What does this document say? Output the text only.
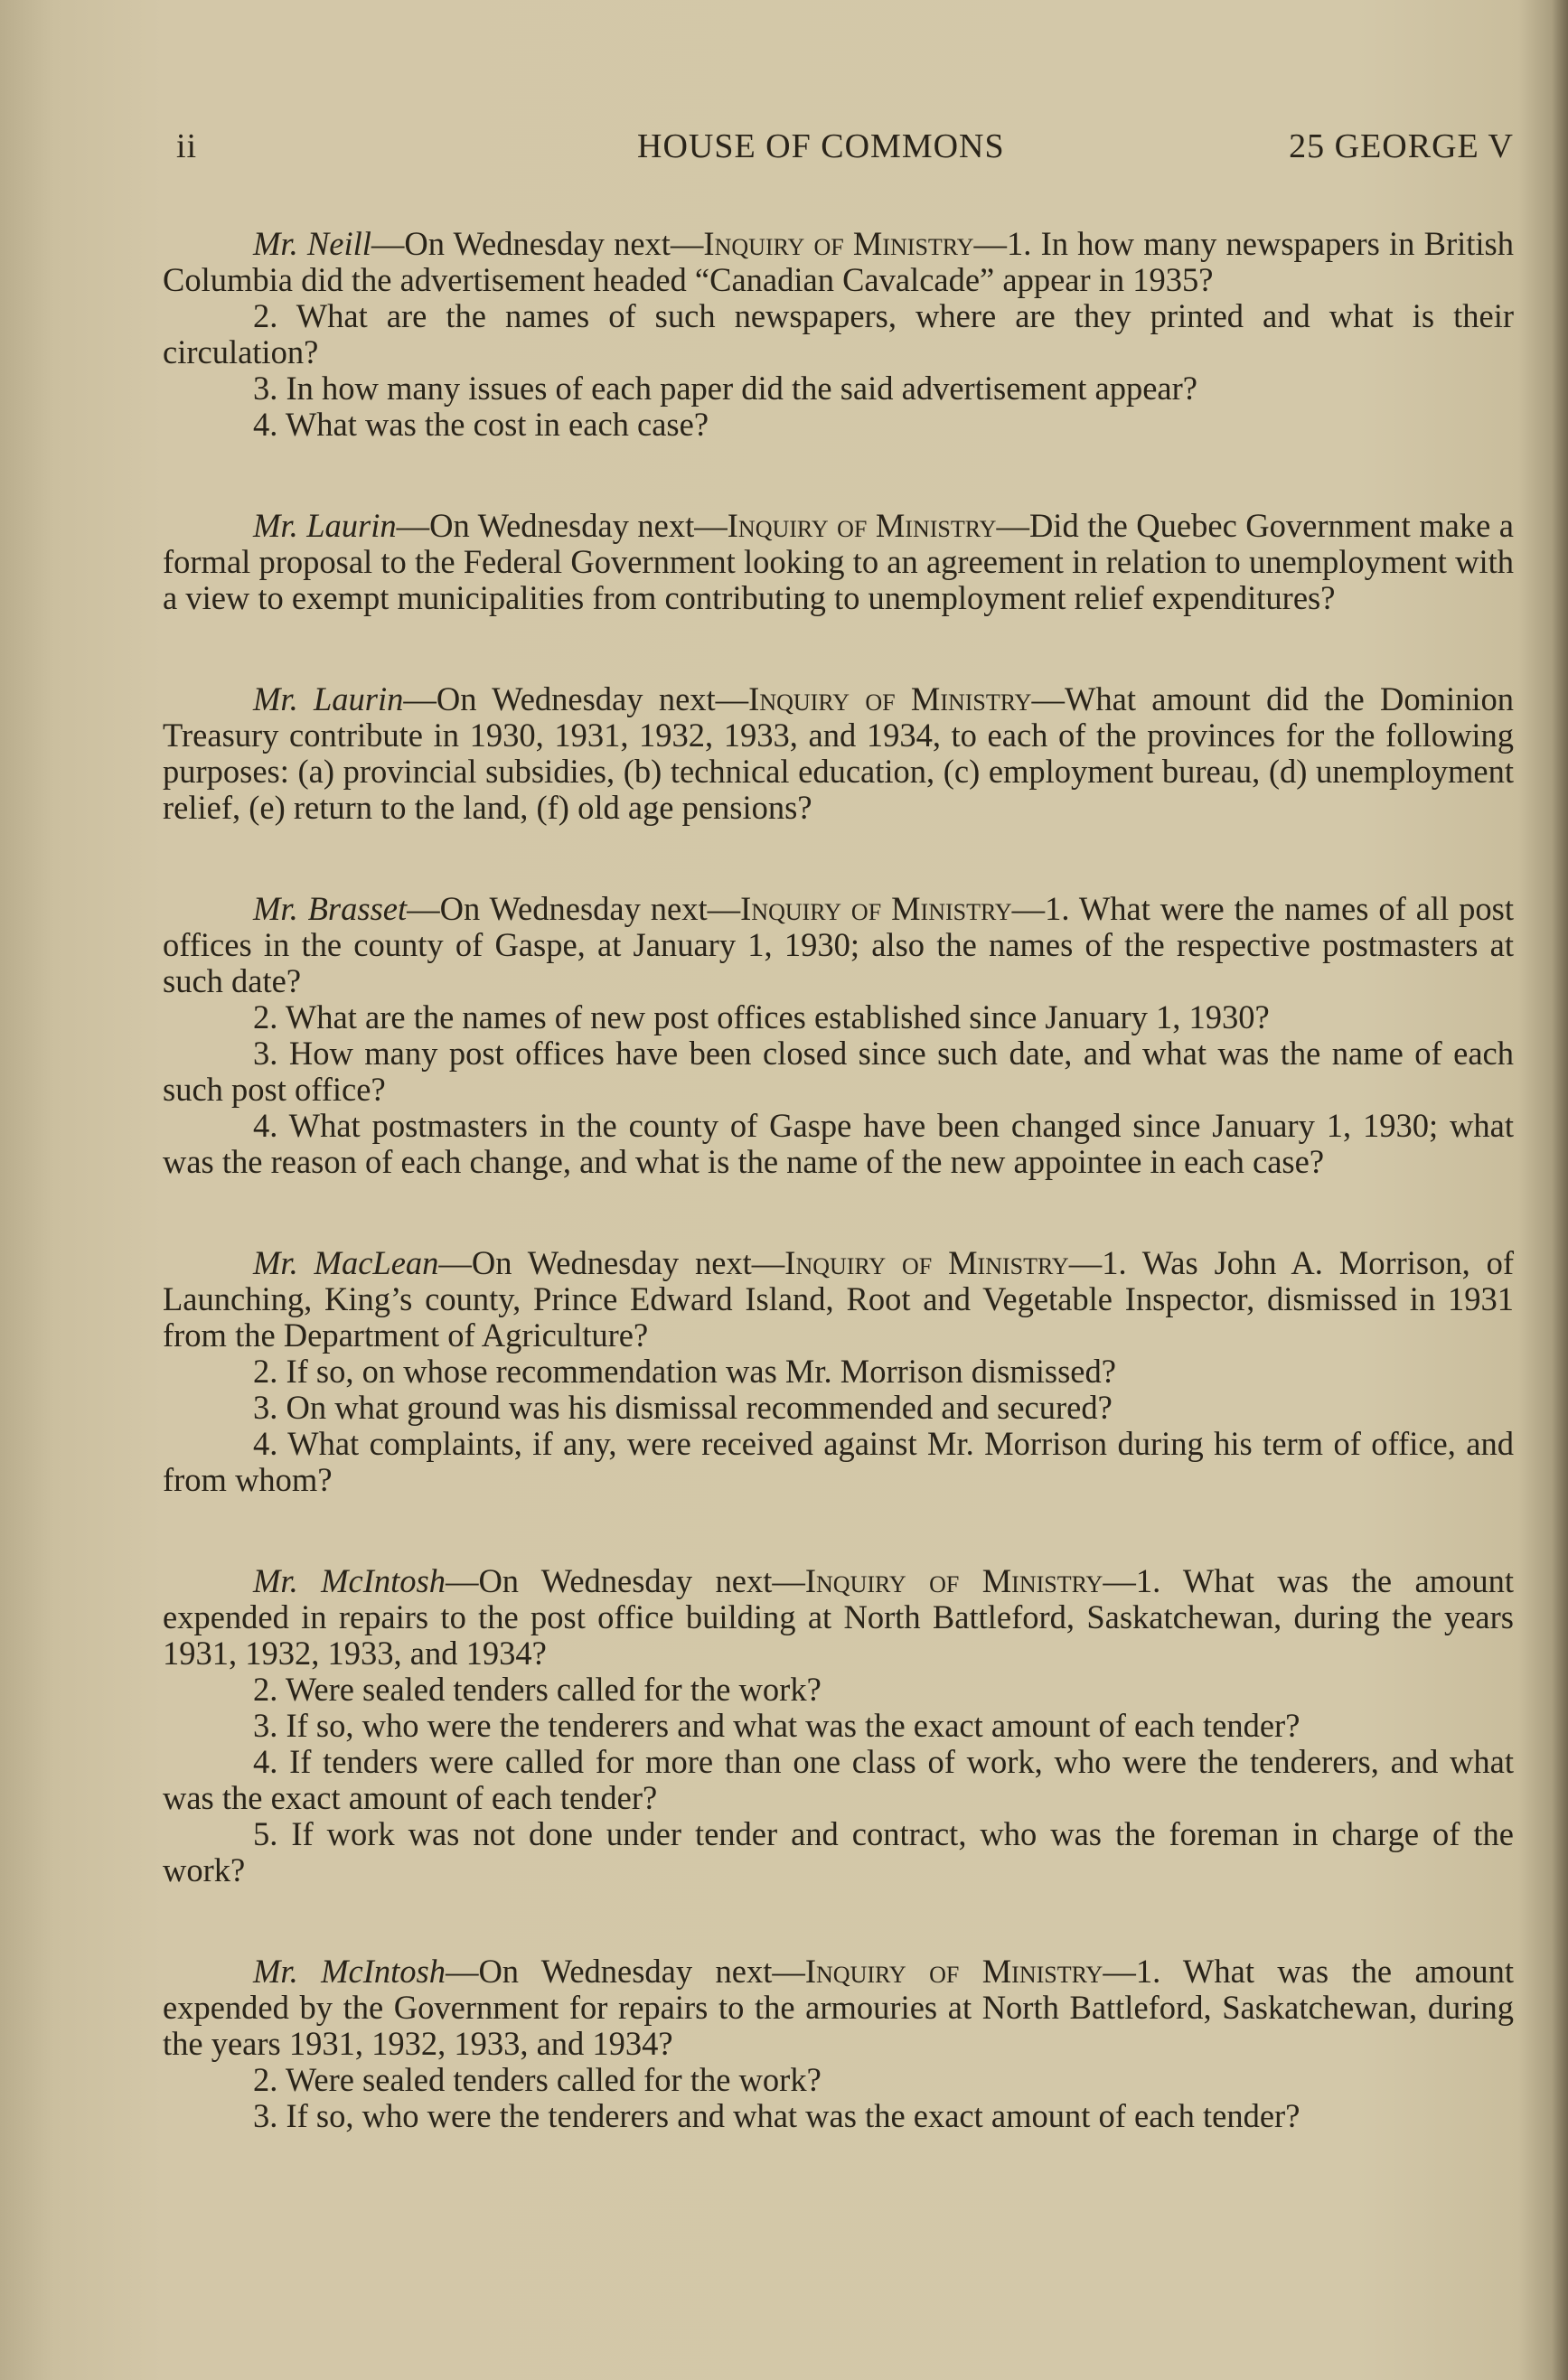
ii	HOUSE OF COMMONS	25 GEORGE V

Mr. Neill—On Wednesday next—Inquiry of Ministry—1. In how many newspapers in British Columbia did the advertisement headed “Canadian Cavalcade” appear in 1935?

2. What are the names of such newspapers, where are they printed and what is their circulation?

3. In how many issues of each paper did the said advertisement appear?

4. What was the cost in each case?

Mr. Laurin—On Wednesday next—Inquiry of Ministry—Did the Quebec Government make a formal proposal to the Federal Government looking to an agreement in relation to unemployment with a view to exempt municipalities from contributing to unemployment relief expenditures?

Mr. Laurin—On Wednesday next—Inquiry of Ministry—What amount did the Dominion Treasury contribute in 1930, 1931, 1932, 1933, and 1934, to each of the provinces for the following purposes: (a) provincial subsidies, (b) technical education, (c) employment bureau, (d) unemployment relief, (e) return to the land, (f) old age pensions?

Mr. Brasset—On Wednesday next—Inquiry of Ministry—1. What were the names of all post offices in the county of Gaspe, at January 1, 1930; also the names of the respective postmasters at such date?

2. What are the names of new post offices established since January 1, 1930?

3. How many post offices have been closed since such date, and what was the name of each such post office?

4. What postmasters in the county of Gaspe have been changed since January 1, 1930; what was the reason of each change, and what is the name of the new appointee in each case?

Mr. MacLean—On Wednesday next—Inquiry of Ministry—1. Was John A. Morrison, of Launching, King’s county, Prince Edward Island, Root and Vegetable Inspector, dismissed in 1931 from the Department of Agriculture?

2. If so, on whose recommendation was Mr. Morrison dismissed?

3. On what ground was his dismissal recommended and secured?

4. What complaints, if any, were received against Mr. Morrison during his term of office, and from whom?

Mr. McIntosh—On Wednesday next—Inquiry of Ministry—1. What was the amount expended in repairs to the post office building at North Battleford, Saskatchewan, during the years 1931, 1932, 1933, and 1934?

2. Were sealed tenders called for the work?

3. If so, who were the tenderers and what was the exact amount of each tender?

4. If tenders were called for more than one class of work, who were the tenderers, and what was the exact amount of each tender?

5. If work was not done under tender and contract, who was the foreman in charge of the work?

Mr. McIntosh—On Wednesday next—Inquiry of Ministry—1. What was the amount expended by the Government for repairs to the armouries at North Battleford, Saskatchewan, during the years 1931, 1932, 1933, and 1934?

2. Were sealed tenders called for the work?

3. If so, who were the tenderers and what was the exact amount of each tender?
